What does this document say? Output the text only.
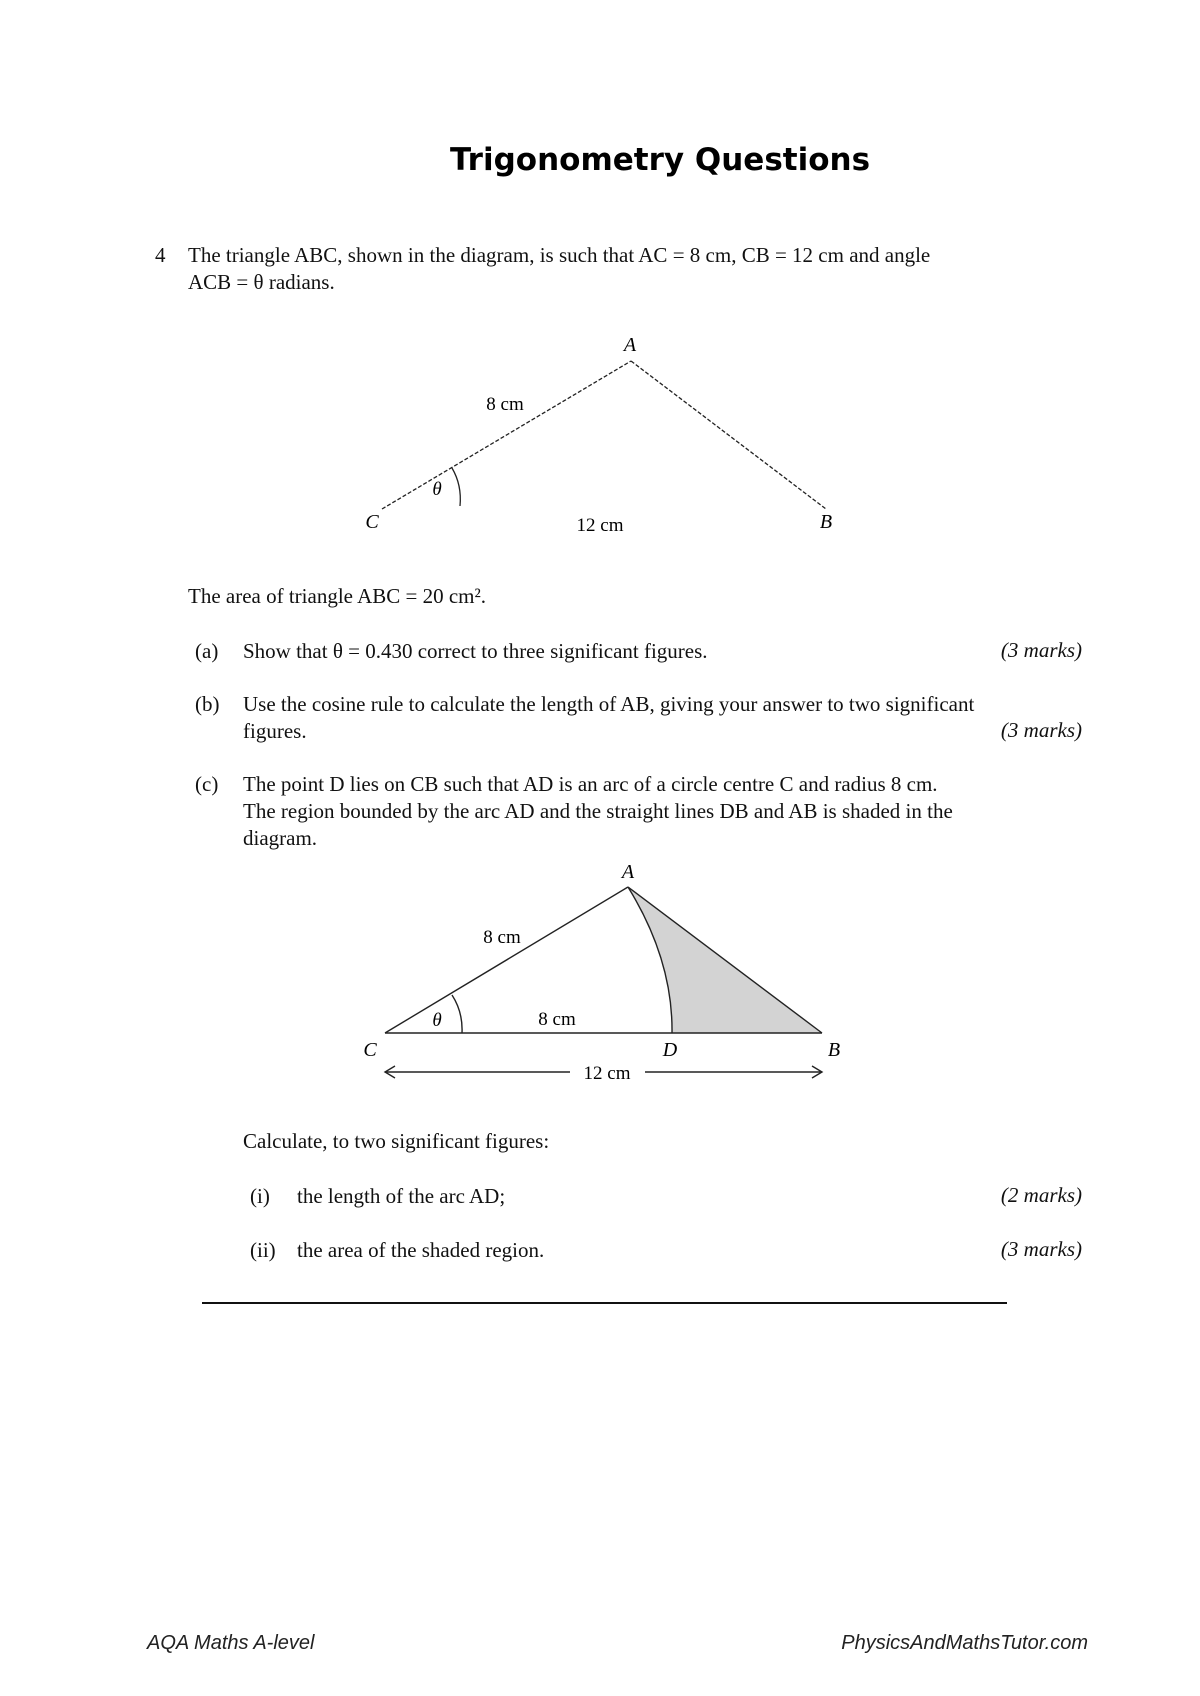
Trigonometry Questions
4 The triangle ABC, shown in the diagram, is such that AC = 8 cm, CB = 12 cm and angle
ACB = θ radians.
A
B
C
8 cm
12 cm
θ
A
B
C	D
8 cm
8 cm
12 cm
θ
The area of triangle ABC = 20 cm².
(a) Show that θ = 0.430 correct to three significant figures.	(3 marks)
(b) Use the cosine rule to calculate the length of AB, giving your answer to two significant
figures.	(3 marks)
(c) The point D lies on CB such that AD is an arc of a circle centre C and radius 8 cm.
The region bounded by the arc AD and the straight lines DB and AB is shaded in the
diagram.
Calculate, to two significant figures:
(i) the length of the arc AD;	(2 marks)
(ii) the area of the shaded region.	(3 marks)
AQA Maths A-level	PhysicsAndMathsTutor.com
